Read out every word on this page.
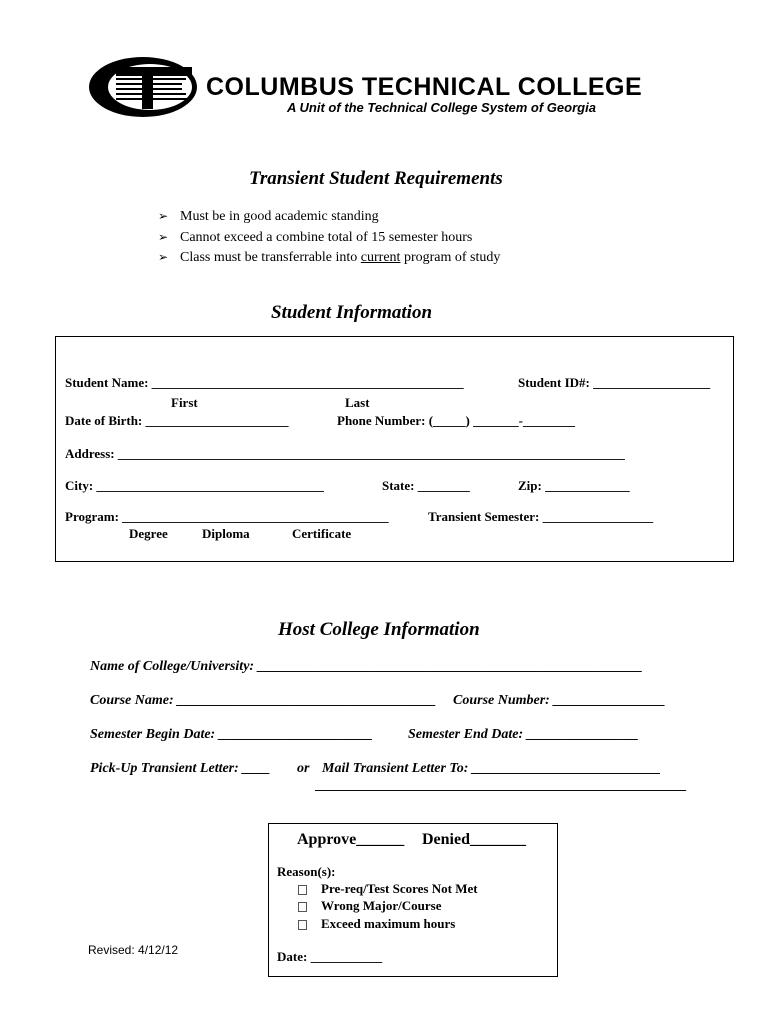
COLUMBUS TECHNICAL COLLEGE
A Unit of the Technical College System of Georgia
Transient Student Requirements
➢ Must be in good academic standing
➢ Cannot exceed a combine total of 15 semester hours
➢ Class must be transferrable into current program of study
Student Information
Student Name: ________________________________________________	Student ID#: __________________
First	Last
Date of Birth: ______________________	Phone Number: (_____) _______-________
Address: ______________________________________________________________________________
City: ___________________________________	State: ________	Zip: _____________
Program: _________________________________________	Transient Semester: _________________
Degree	Diploma	Certificate
Host College Information
Name of College/University: _______________________________________________________
Course Name: _____________________________________ Course Number: ________________
Semester Begin Date: ______________________	Semester End Date: ________________
Pick-Up Transient Letter: ____ or Mail Transient Letter To: ___________________________
_____________________________________________________
Approve______ Denied_______
Reason(s):
Pre-req/Test Scores Not Met
Wrong Major/Course
Exceed maximum hours
Date: ___________
Revised: 4/12/12
